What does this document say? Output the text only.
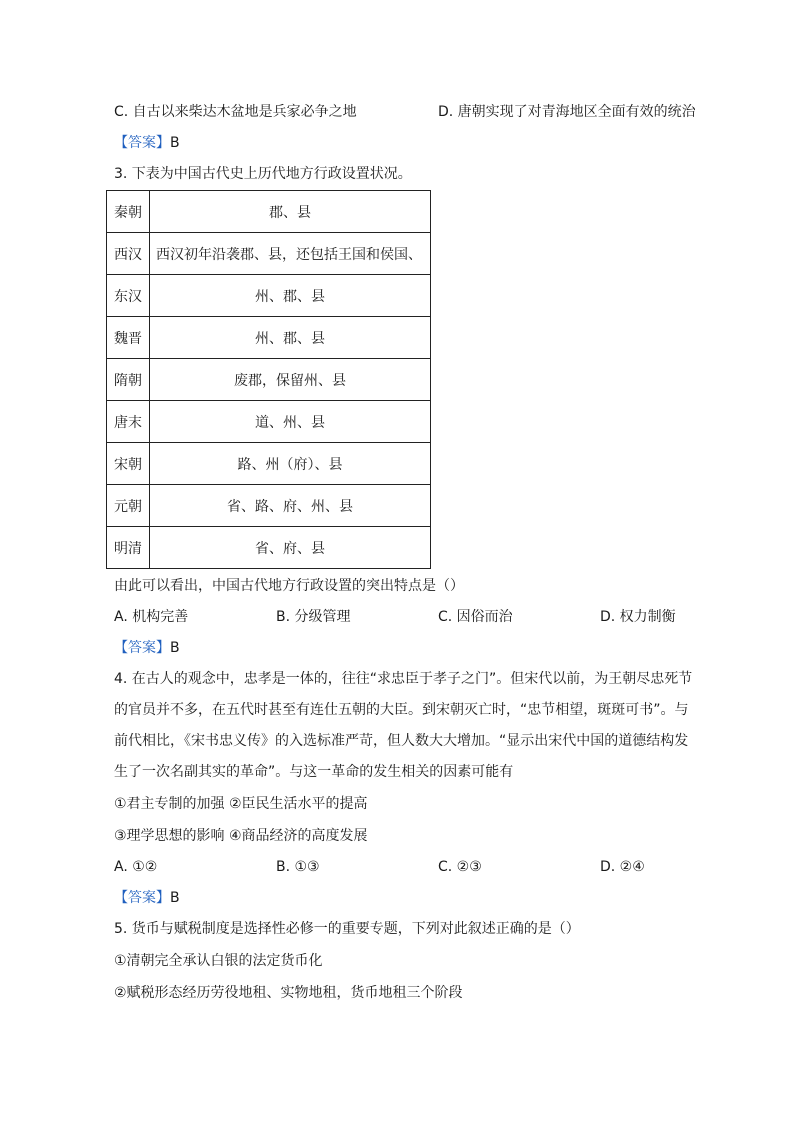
C. 自古以来柴达木盆地是兵家必争之地	D. 唐朝实现了对青海地区全面有效的统治
【答案】B
3. 下表为中国古代史上历代地方行政设置状况。
秦朝	郡、县
西汉	西汉初年沿袭郡、县，还包括王国和侯国、
东汉	州、郡、县
魏晋	州、郡、县
隋朝	废郡，保留州、县
唐末	道、州、县
宋朝	路、州（府）、县
元朝	省、路、府、州、县
明清	省、府、县
由此可以看出，中国古代地方行政设置的突出特点是（）
A. 机构完善	B. 分级管理	C. 因俗而治	D. 权力制衡
【答案】B
4. 在古人的观念中，忠孝是一体的，往往“求忠臣于孝子之门”。但宋代以前，为王朝尽忠死节
的官员并不多，在五代时甚至有连仕五朝的大臣。到宋朝灭亡时，“忠节相望，斑斑可书”。与
前代相比，《宋书忠义传》的入选标准严苛，但人数大大增加。“显示出宋代中国的道德结构发
生了一次名副其实的革命”。与这一革命的发生相关的因素可能有
①君主专制的加强 ②臣民生活水平的提高
③理学思想的影响 ④商品经济的高度发展
A. ①②	B. ①③	C. ②③	D. ②④
【答案】B
5. 货币与赋税制度是选择性必修一的重要专题，下列对此叙述正确的是（）
①清朝完全承认白银的法定货币化
②赋税形态经历劳役地租、实物地租，货币地租三个阶段
